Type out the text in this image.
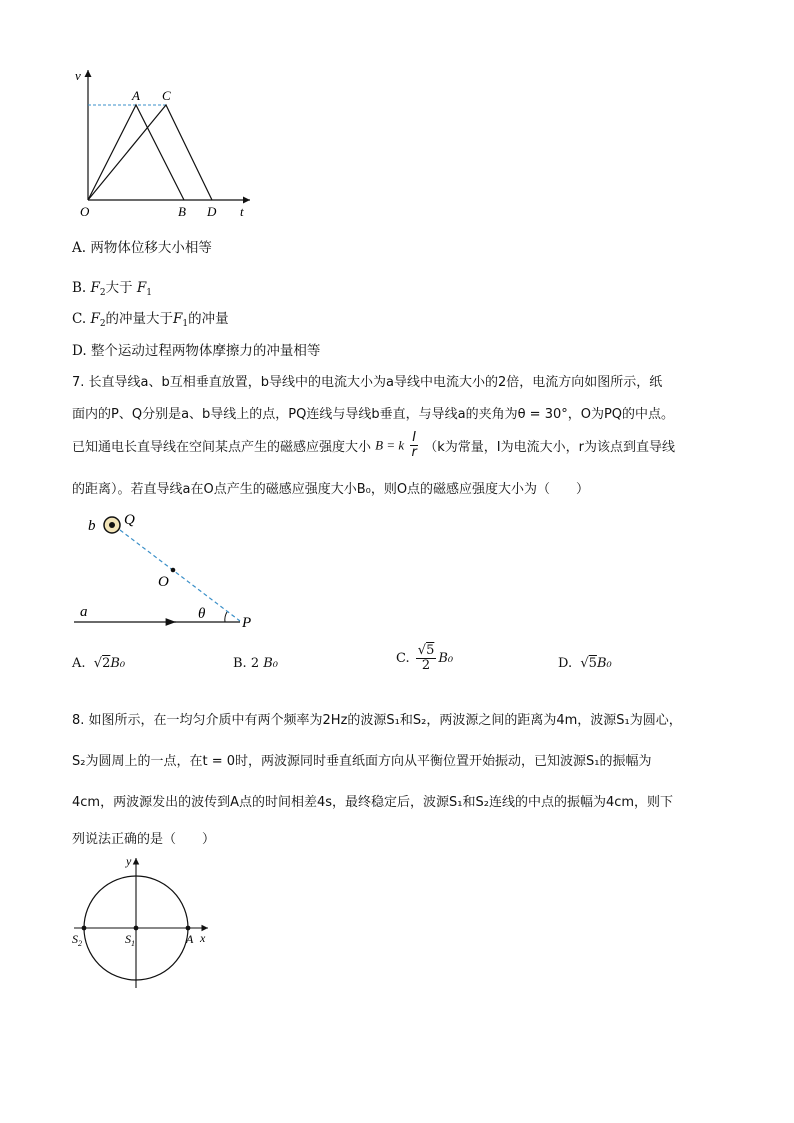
v
t
O
A C
B D
A. 两物体位移大小相等
B. $F_2$大于 $F_1$
C. $F_2$的冲量大于$F_1$的冲量
D. 整个运动过程两物体摩擦力的冲量相等
7. 长直导线a、b互相垂直放置，b导线中的电流大小为a导线中电流大小的2倍，电流方向如图所示，纸
面内的P、Q分别是a、b导线上的点，PQ连线与导线b垂直，与导线a的夹角为θ = 30°，O为PQ的中点。
已知通电长直导线在空间某点产生的磁感应强度大小 B = k $\frac{I}{r} (k$为常量，I为电流大小，r为该点到直导线
的距离）。若直导线a在O点产生的磁感应强度大小B₀，则O点的磁感应强度大小为（　　）
b Q
O
a	θ
P
A. √2B₀	B. 2 B₀	C. $\frac{√5}{2} B_0$	D. √5B₀
8. 如图所示，在一均匀介质中有两个频率为2Hz的波源S₁和S₂，两波源之间的距离为4m，波源S₁为圆心，
S₂为圆周上的一点，在t = 0时，两波源同时垂直纸面方向从平衡位置开始振动，已知波源S₁的振幅为
4cm，两波源发出的波传到A点的时间相差4s，最终稳定后，波源S₁和S₂连线的中点的振幅为4cm，则下
列说法正确的是（　　）
y
x
$S_2$	$S_1$	A
